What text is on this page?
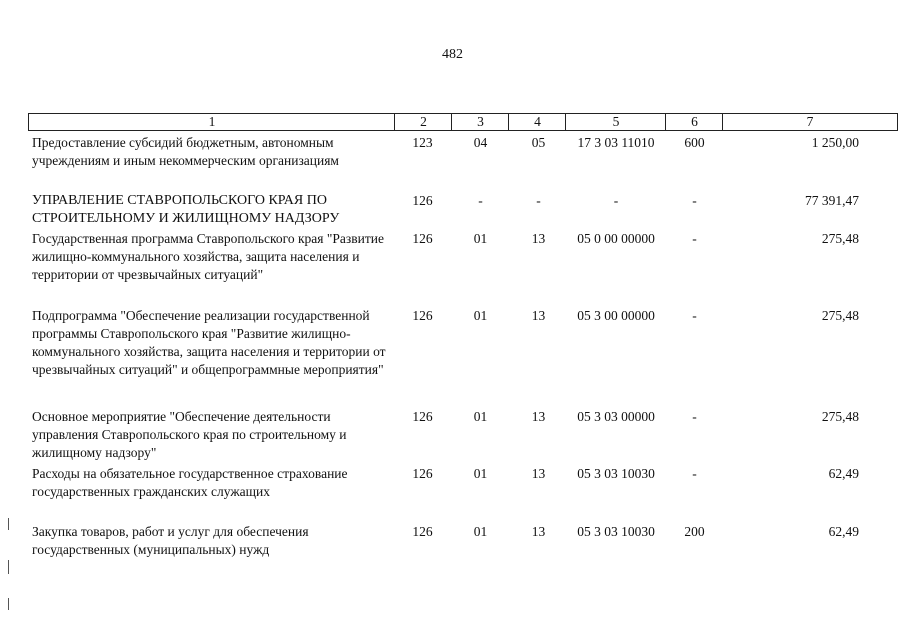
482
1	2	3	4	5	6	7
Предоставление субсидий бюджетным, автономным учреждениям и иным некоммерческим организациям
123	04	05	17 3 03 11010	600	1 250,00
УПРАВЛЕНИЕ СТАВРОПОЛЬСКОГО КРАЯ ПО СТРОИТЕЛЬНОМУ И ЖИЛИЩНОМУ НАДЗОРУ
126	-	-	-	-	77 391,47
Государственная программа Ставропольского края "Развитие жилищно-коммунального хозяйства, защита населения и территории от чрезвычайных ситуаций"
126	01	13	05 0 00 00000	-	275,48
Подпрограмма "Обеспечение реализации государственной программы Ставропольского края "Развитие жилищно-коммунального хозяйства, защита населения и территории от чрезвычайных ситуаций" и общепрограммные мероприятия"
126	01	13	05 3 00 00000	-	275,48
Основное мероприятие "Обеспечение деятельности управления Ставропольского края по строительному и жилищному надзору"
126	01	13	05 3 03 00000	-	275,48
Расходы на обязательное государственное страхование государственных гражданских служащих
126	01	13	05 3 03 10030	-	62,49
Закупка товаров, работ и услуг для обеспечения государственных (муниципальных) нужд
126	01	13	05 3 03 10030	200	62,49
